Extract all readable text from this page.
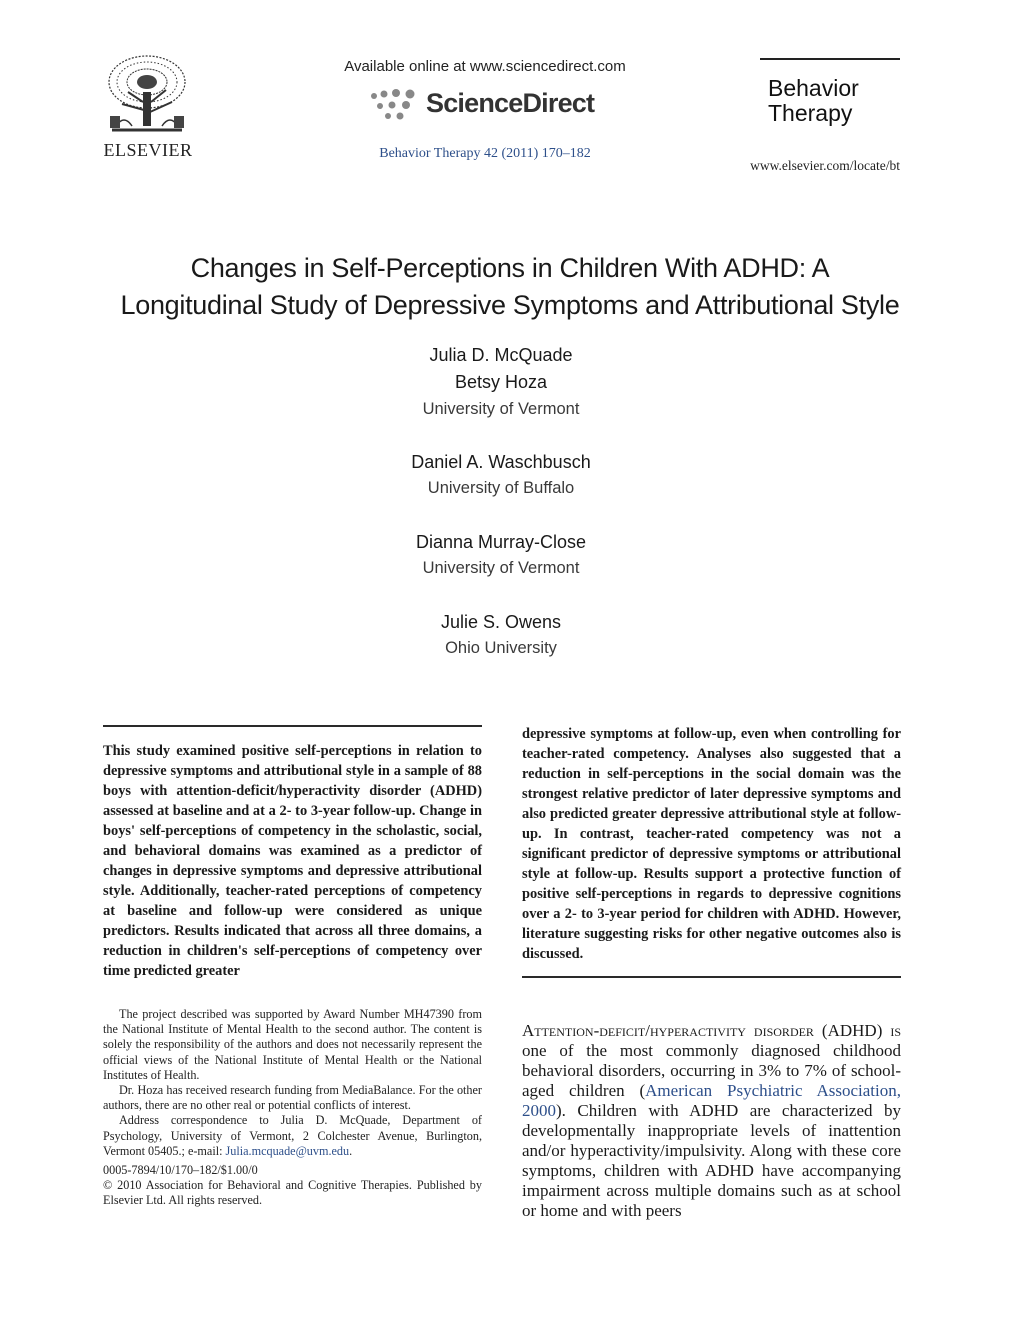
ELSEVIER
Available online at www.sciencedirect.com
ScienceDirect
Behavior Therapy 42 (2011) 170–182
Behavior
Therapy
www.elsevier.com/locate/bt
Changes in Self-Perceptions in Children With ADHD: A
Longitudinal Study of Depressive Symptoms and Attributional Style
Julia D. McQuade
Betsy Hoza
University of Vermont
Daniel A. Waschbusch
University of Buffalo
Dianna Murray-Close
University of Vermont
Julie S. Owens
Ohio University
This study examined positive self-perceptions in relation to depressive symptoms and attributional style in a sample of 88 boys with attention-deficit/hyperactivity disorder (ADHD) assessed at baseline and at a 2- to 3-year follow-up. Change in boys' self-perceptions of competency in the scholastic, social, and behavioral domains was examined as a predictor of changes in depressive symptoms and depressive attributional style. Additionally, teacher-rated perceptions of competency at baseline and follow-up were considered as unique predictors. Results indicated that across all three domains, a reduction in children's self-perceptions of competency over time predicted greater
depressive symptoms at follow-up, even when controlling for teacher-rated competency. Analyses also suggested that a reduction in self-perceptions in the social domain was the strongest relative predictor of later depressive symptoms and also predicted greater depressive attributional style at follow-up. In contrast, teacher-rated competency was not a significant predictor of depressive symptoms or attributional style at follow-up. Results support a protective function of positive self-perceptions in regards to depressive cognitions over a 2- to 3-year period for children with ADHD. However, literature suggesting risks for other negative outcomes also is discussed.

The project described was supported by Award Number MH47390 from the National Institute of Mental Health to the second author. The content is solely the responsibility of the authors and does not necessarily represent the official views of the National Institute of Mental Health or the National Institutes of Health.

Dr. Hoza has received research funding from MediaBalance. For the other authors, there are no other real or potential conflicts of interest.

Address correspondence to Julia D. McQuade, Department of Psychology, University of Vermont, 2 Colchester Avenue, Burlington, Vermont 05405.; e-mail: Julia.mcquade@uvm.edu.

0005-7894/10/170–182/$1.00/0

© 2010 Association for Behavioral and Cognitive Therapies. Published by Elsevier Ltd. All rights reserved.

Attention-deficit/hyperactivity disorder (ADHD) is one of the most commonly diagnosed childhood behavioral disorders, occurring in 3% to 7% of school-aged children (American Psychiatric Association, 2000). Children with ADHD are characterized by developmentally inappropriate levels of inattention and/or hyperactivity/impulsivity. Along with these core symptoms, children with ADHD have accompanying impairment across multiple domains such as at school or home and with peers
